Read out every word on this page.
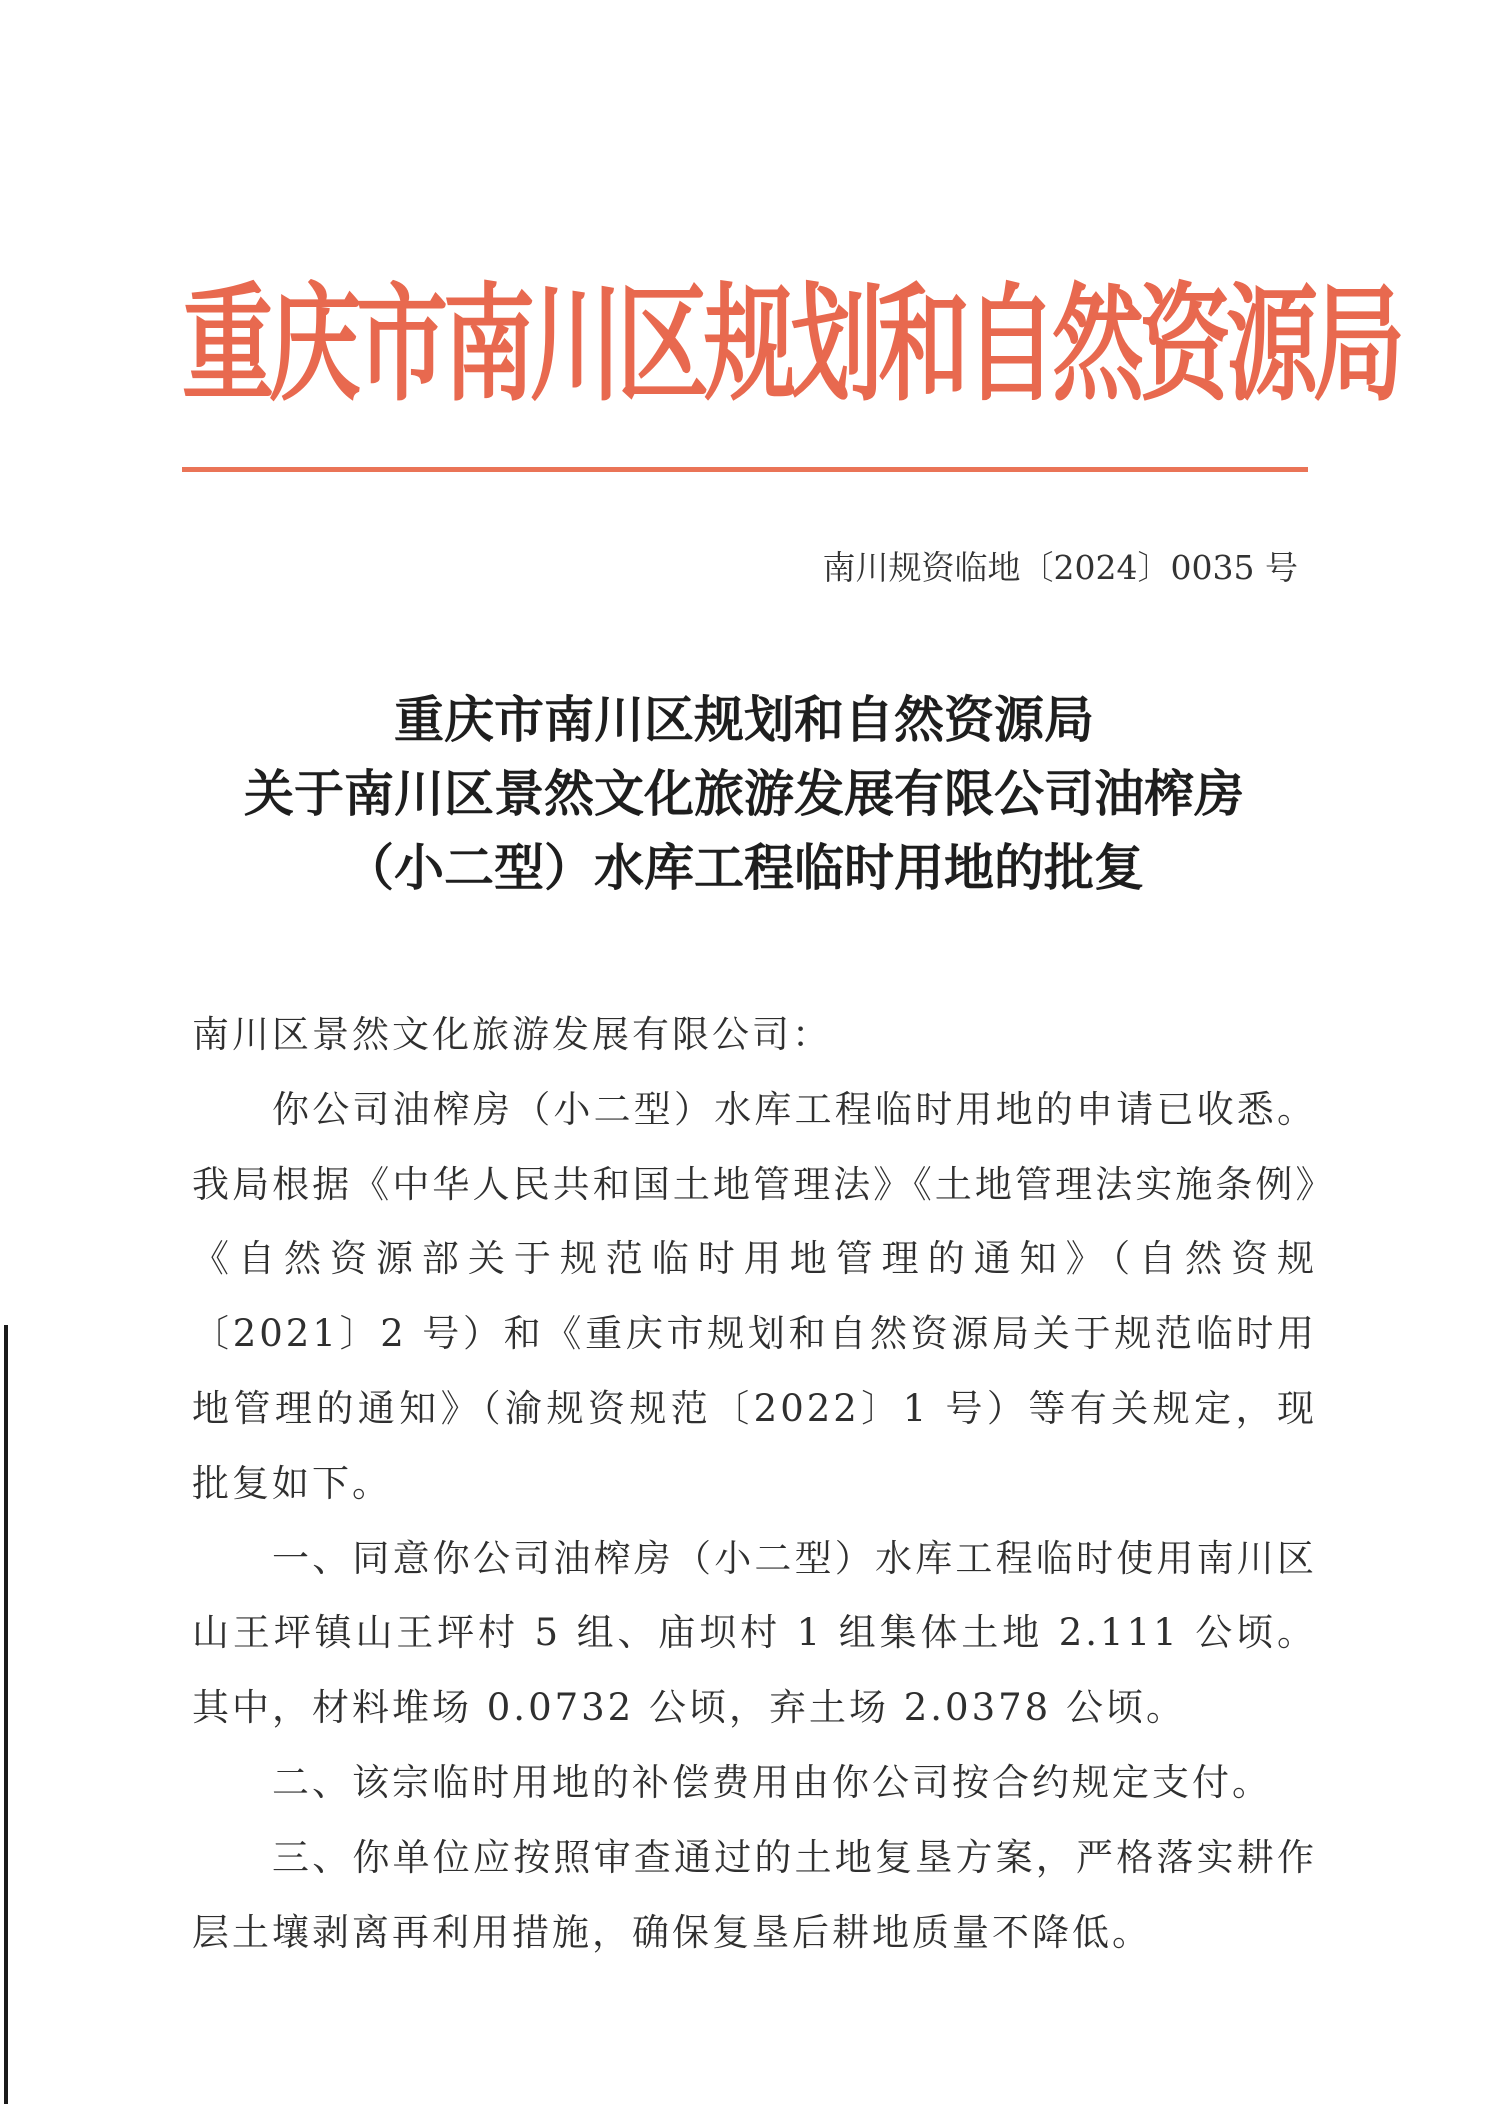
重庆市南川区规划和自然资源局
南川规资临地〔2024〕0035 号
重庆市南川区规划和自然资源局
关于南川区景然文化旅游发展有限公司油榨房
（小二型）水库工程临时用地的批复

南川区景然文化旅游发展有限公司：

你公司油榨房（小二型）水库工程临时用地的申请已收悉。我局根据《中华人民共和国土地管理法》《土地管理法实施条例》《自然资源部关于规范临时用地管理的通知》（自然资规〔2021〕2 号）和《重庆市规划和自然资源局关于规范临时用地管理的通知》（渝规资规范〔2022〕1 号）等有关规定，现批复如下。

一、同意你公司油榨房（小二型）水库工程临时使用南川区山王坪镇山王坪村 5 组、庙坝村 1 组集体土地 2.111 公顷。其中，材料堆场 0.0732 公顷，弃土场 2.0378 公顷。

二、该宗临时用地的补偿费用由你公司按合约规定支付。

三、你单位应按照审查通过的土地复垦方案，严格落实耕作层土壤剥离再利用措施，确保复垦后耕地质量不降低。
